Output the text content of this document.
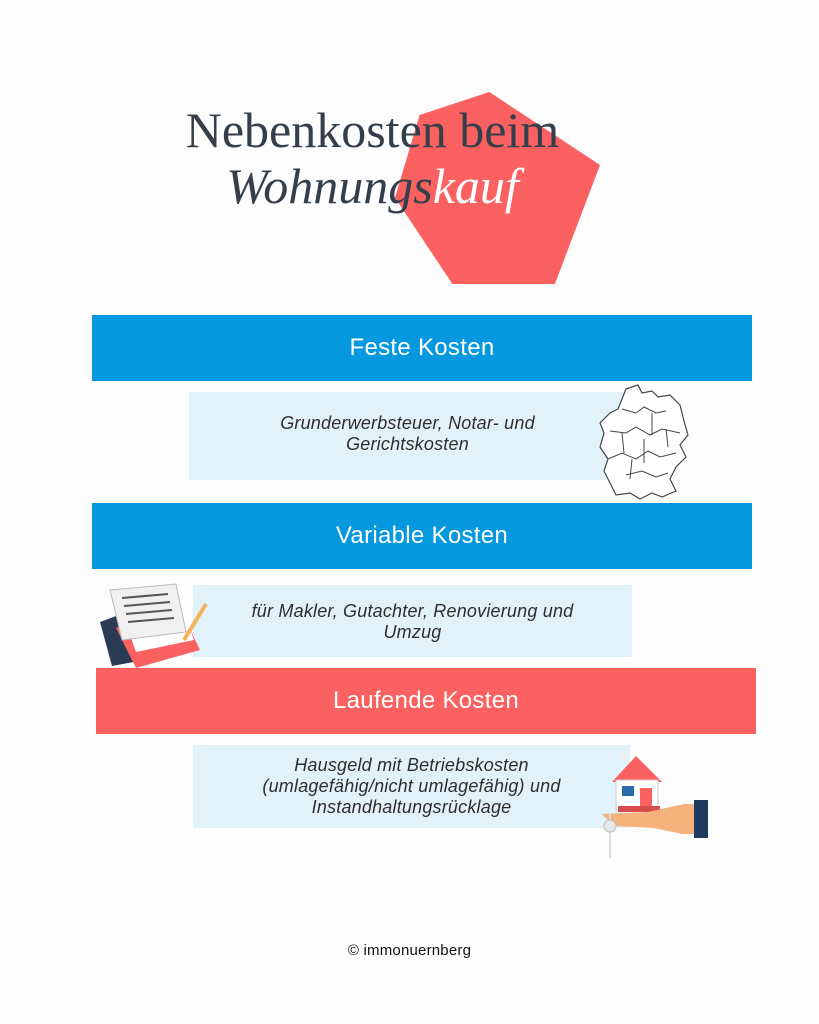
Nebenkosten beim
Wohnungskauf
Feste Kosten
Grunderwerbsteuer, Notar- und
Gerichtskosten
Variable Kosten
für Makler, Gutachter, Renovierung und
Umzug
Laufende Kosten
Hausgeld mit Betriebskosten
(umlagefähig/nicht umlagefähig) und
Instandhaltungsrücklage
© immonuernberg
